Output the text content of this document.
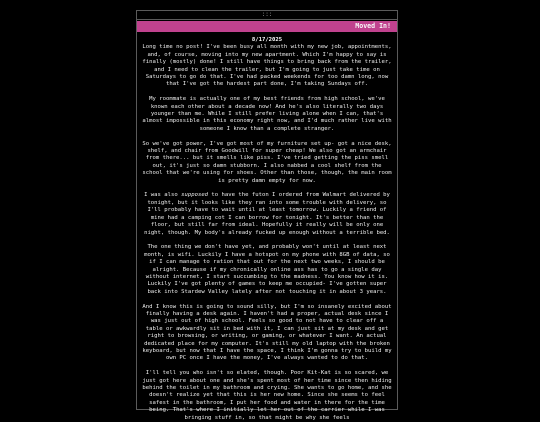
:::
Moved In!
8/17/2025

Long time no post! I've been busy all month with my new job, appointments, and, of course, moving into my new apartment. Which I'm happy to say is finally (mostly) done! I still have things to bring back from the trailer, and I need to clean the trailer, but I'm going to just take time on Saturdays to go do that. I've had packed weekends for too damn long, now that I've got the hardest part done, I'm taking Sundays off.

My roommate is actually one of my best friends from high school, we've known each other about a decade now! And he's also literally two days younger than me. While I still prefer living alone when I can, that's almost impossible in this economy right now, and I'd much rather live with someone I know than a complete stranger.

So we've got power, I've got most of my furniture set up- got a nice desk, shelf, and chair from Goodwill for super cheap! We also got an armchair from there... but it smells like piss. I've tried getting the piss smell out, it's just so damn stubborn. I also nabbed a cool shelf from the school that we're using for shoes. Other than those, though, the main room is pretty damn empty for now.

I was also supposed to have the futon I ordered from Walmart delivered by tonight, but it looks like they ran into some trouble with delivery, so I'll probably have to wait until at least tomorrow. Luckily a friend of mine had a camping cot I can borrow for tonight. It's better than the floor, but still far from ideal. Hopefully it really will be only one night, though. My body's already fucked up enough without a terrible bed.

The one thing we don't have yet, and probably won't until at least next month, is wifi. Luckily I have a hotspot on my phone with 8GB of data, so if I can manage to ration that out for the next two weeks, I should be alright. Because if my chronically online ass has to go a single day without internet, I start succumbing to the madness. You know how it is. Luckily I've got plenty of games to keep me occupied- I've gotten super back into Stardew Valley lately after not touching it in about 3 years.

And I know this is going to sound silly, but I'm so insanely excited about finally having a desk again. I haven't had a proper, actual desk since I was just out of high school. Feels so good to not have to clear off a table or awkwardly sit in bed with it, I can just sit at my desk and get right to browsing, or writing, or gaming, or whatever I want. An actual dedicated place for my computer. It's still my old laptop with the broken keyboard, but now that I have the space, I think I'm gonna try to build my own PC once I have the money, I've always wanted to do that.

I'll tell you who isn't so elated, though. Poor Kit-Kat is so scared, we just got here about one and she's spent most of her time since then hiding behind the toilet in my bathroom and crying. She wants to go home, and she doesn't realize yet that this is her new home. Since she seems to feel safest in the bathroom, I put her food and water in there for the time being. That's where I initially let her out of the carrier while I was bringing stuff in, so that might be why she feels
